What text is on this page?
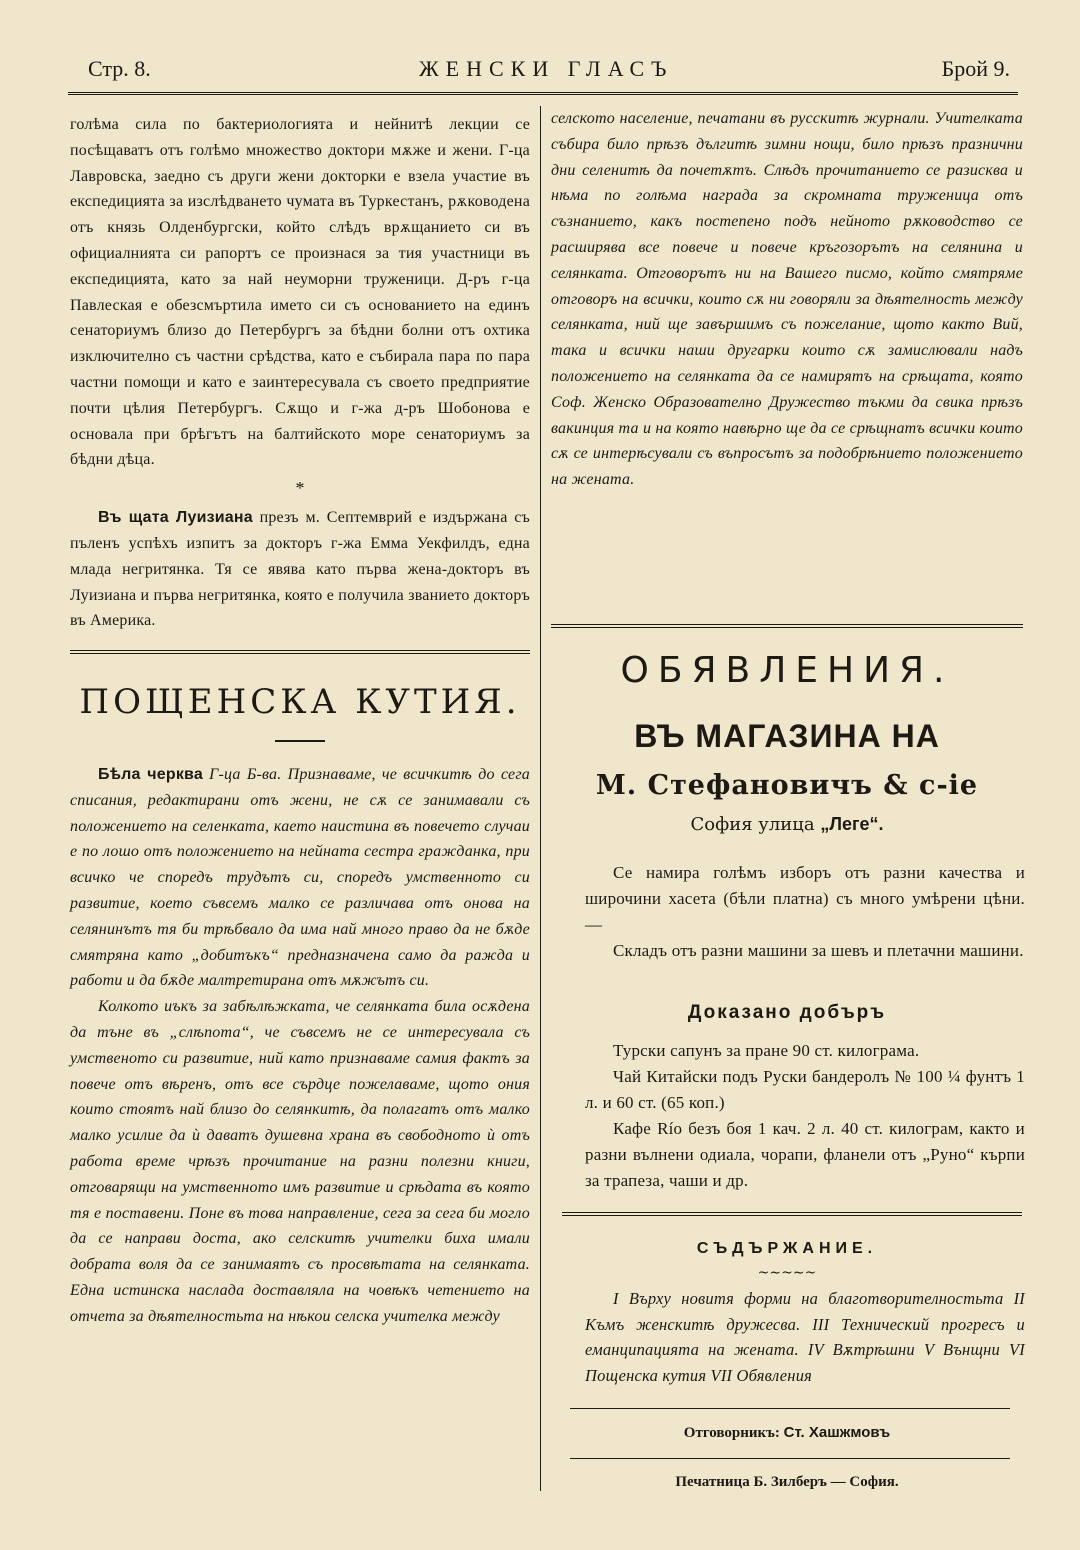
Стр. 8.	ЖЕНСКИ ГЛАСЪ	Брой 9.

голѣма сила по бактериологията и нейнитѣ лекции се посѣщаватъ отъ голѣмо множество доктори мѫже и жени. Г-ца Лавровска, заедно съ други жени докторки е взела участие въ експедицията за изслѣдването чумата въ Туркестанъ, рѫководена отъ князь Олденбургски, който слѣдъ врѫщанието си въ официалнията си рапортъ се произнася за тия участници въ експедицията, като за най неуморни труженици. Д-ръ г-ца Павлеская е обезсмъртила името си съ основанието на единъ сенаториумъ близо до Петербургъ за бѣдни болни отъ охтика изключително съ частни срѣдства, като е събирала пара по пара частни помощи и като е заинтересувала съ своето предприятие почти цѣлия Петербургъ. Сѫщо и г-жа д-ръ Шобонова е основала при брѣгътъ на балтийското море сенаториумъ за бѣдни дѣца.

*

Въ щата Луизиана презъ м. Септемврий е издържана съ пъленъ успѣхъ изпитъ за докторъ г-жа Емма Уекфилдъ, една млада негритянка. Тя се явява като първа жена-докторъ въ Луизиана и първа негритянка, която е получила званието докторъ въ Америка.

ПОЩЕНСКА КУТИЯ.

Бѣла черква Г-ца Б-ва. Признаваме, че всичкитѣ до сега списания, редактирани отъ жени, не сѫ се занимавали съ положението на селенката, каето наистина въ повечето случаи е по лошо отъ положението на нейната сестра гражданка, при всичко че споредъ трудътъ си, споредъ умственното си развитие, което съвсемъ малко се различава отъ онова на селянинътъ тя би трѣбвало да има най много право да не бѫде смятряна като „добитъкъ“ предназначена само да ражда и работи и да бѫде малтретирана отъ мѫжътъ си.

Колкото иъкъ за забѣлѣжката, че селянката била осѫдена да тъне въ „слѣпота“, че съвсемъ не се интересувала съ умственото си развитие, ний като признаваме самия фактъ за повече отъ вѣренъ, отъ все сърдце пожелаваме, щото ония които стоятъ най близо до селянкитѣ, да полагатъ отъ малко малко усилие да ѝ даватъ душевна храна въ свободното ѝ отъ работа време чрѣзъ прочитание на разни полезни книги, отговарящи на умственното имъ развитие и срѣдата въ която тя е поставени. Поне въ това направление, сега за сега би могло да се направи доста, ако селскитѣ учителки биха имали добрата воля да се занимаятъ съ просвѣтата на селянката. Една истинска наслада доставляла на човѣкъ четението на отчета за дѣятелностьта на нѣкои селска учителка между

селското население, печатани въ русскитѣ журнали. Учителката събира било прѣзъ дългитѣ зимни нощи, било прѣзъ празнични дни селенитѣ да почетѫтъ. Слѣдъ прочитанието се разисква и нѣма по голѣма награда за скромната труженица отъ съзнанието, какъ постепено подъ нейното рѫководство се расширява все повече и повече кръгозорътъ на селянина и селянката. Отговорътъ ни на Вашего писмо, който смятряме отговоръ на всички, които сѫ ни говоряли за дѣятелность между селянката, ний ще завършимъ съ пожелание, щото както Вий, така и всички наши другарки които сѫ замислювали надъ положението на селянката да се намирятъ на срѣщата, която Соф. Женско Образователно Дружество тъкми да свика прѣзъ вакинция та и на която навѣрно ще да се срѣщнатъ всички които сѫ се интерѣсували съ въпросътъ за подобрѣнието положението на жената.

ОБЯВЛЕНИЯ.
ВЪ МАГАЗИНА НА
М. Стефановичъ & с-іе
София улица „Леге“.

Се намира голѣмъ изборъ отъ разни качества и широчини хасета (бѣли платна) съ много умѣрени цѣни. —

Складъ отъ разни машини за шевъ и плетачни машини.

Доказано добъръ

Турски сапунъ за пране 90 ст. килограма.

Чай Китайски подъ Руски бандеролъ № 100 ¼ фунтъ 1 л. и 60 ст. (65 коп.)

Кафе Río безъ боя 1 кач. 2 л. 40 ст. килограм, както и разни вълнени одиала, чорапи, фланели отъ „Руно“ кърпи за трапеза, чаши и др.

СЪДЪРЖАНИЕ.
~∼~∼~

I Върху новитя форми на благотворителностьта II Къмъ женскитѣ дружесва. III Технический прогресъ и еманципацията на жената. IV Вѫтрѣшни V Вънщни VI Пощенска кутия VII Обявления

Отговорникъ: Ст. Хашжмовъ
Печатница Б. Зилберъ — София.
